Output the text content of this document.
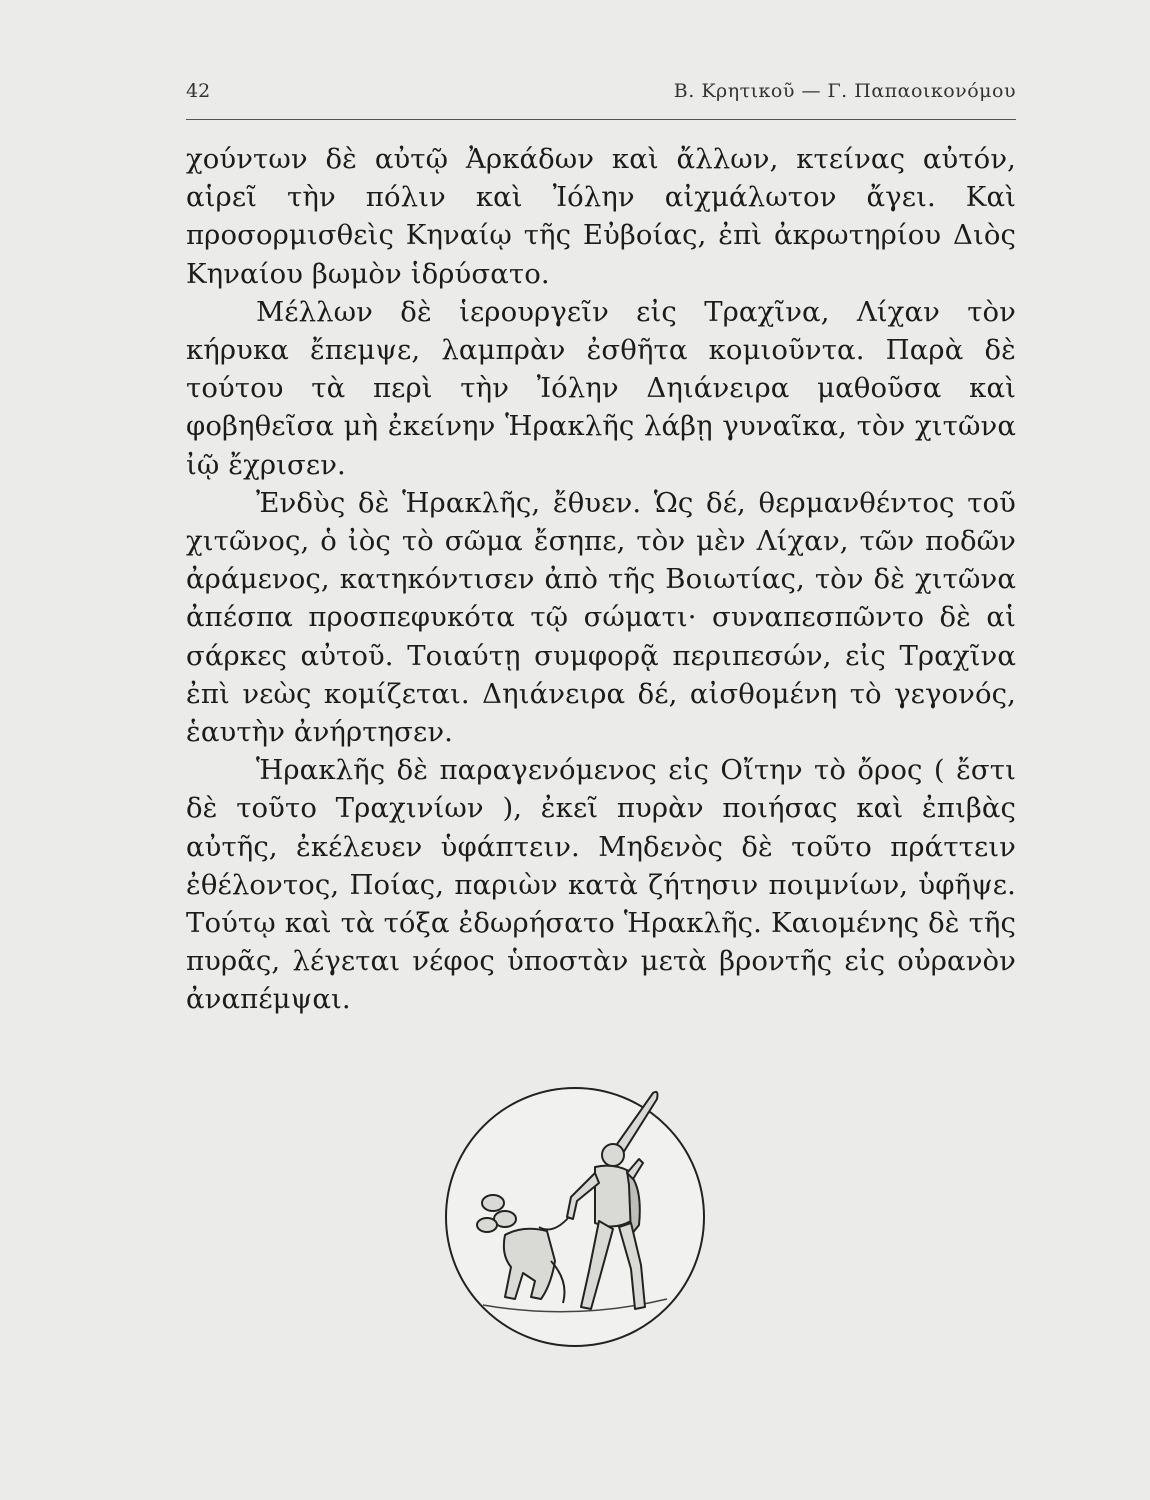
42	Β. Κρητικοῦ — Γ. Παπαοικονόμου

χούντων δὲ αὐτῷ Ἀρκάδων καὶ ἄλλων, κτείνας αὐτόν, αἱρεῖ τὴν πόλιν καὶ Ἰόλην αἰχμάλωτον ἄγει. Καὶ προσορμισθεὶς Κηναίῳ τῆς Εὐβοίας, ἐπὶ ἀκρωτηρίου Διὸς Κηναίου βωμὸν ἱδρύσατο.

Μέλλων δὲ ἱερουργεῖν εἰς Τραχῖνα, Λίχαν τὸν κήρυκα ἔπεμψε, λαμπρὰν ἐσθῆτα κομιοῦντα. Παρὰ δὲ τούτου τὰ περὶ τὴν Ἰόλην Δηιάνειρα μαθοῦσα καὶ φοβηθεῖσα μὴ ἐκείνην Ἡρακλῆς λάβῃ γυναῖκα, τὸν χιτῶνα ἰῷ ἔχρισεν.

Ἐνδὺς δὲ Ἡρακλῆς, ἔθυεν. Ὡς δέ, θερμανθέντος τοῦ χιτῶνος, ὁ ἰὸς τὸ σῶμα ἔσηπε, τὸν μὲν Λίχαν, τῶν ποδῶν ἀράμενος, κατηκόντισεν ἀπὸ τῆς Βοιωτίας, τὸν δὲ χιτῶνα ἀπέσπα προσπεφυκότα τῷ σώματι· συναπεσπῶντο δὲ αἱ σάρκες αὐτοῦ. Τοιαύτῃ συμφορᾷ περιπεσών, εἰς Τραχῖνα ἐπὶ νεὼς κομίζεται. Δηιάνειρα δέ, αἰσθομένη τὸ γεγονός, ἑαυτὴν ἀνήρτησεν.

Ἡρακλῆς δὲ παραγενόμενος εἰς Οἴτην τὸ ὄρος ( ἔστι δὲ τοῦτο Τραχινίων ), ἐκεῖ πυρὰν ποιήσας καὶ ἐπιβὰς αὐτῆς, ἐκέλευεν ὑφάπτειν. Μηδενὸς δὲ τοῦτο πράττειν ἐθέλοντος, Ποίας, παριὼν κατὰ ζήτησιν ποιμνίων, ὑφῆψε. Τούτῳ καὶ τὰ τόξα ἐδωρήσατο Ἡρακλῆς. Καιομένης δὲ τῆς πυρᾶς, λέγεται νέφος ὑποστὰν μετὰ βροντῆς εἰς οὐρανὸν ἀναπέμψαι.
